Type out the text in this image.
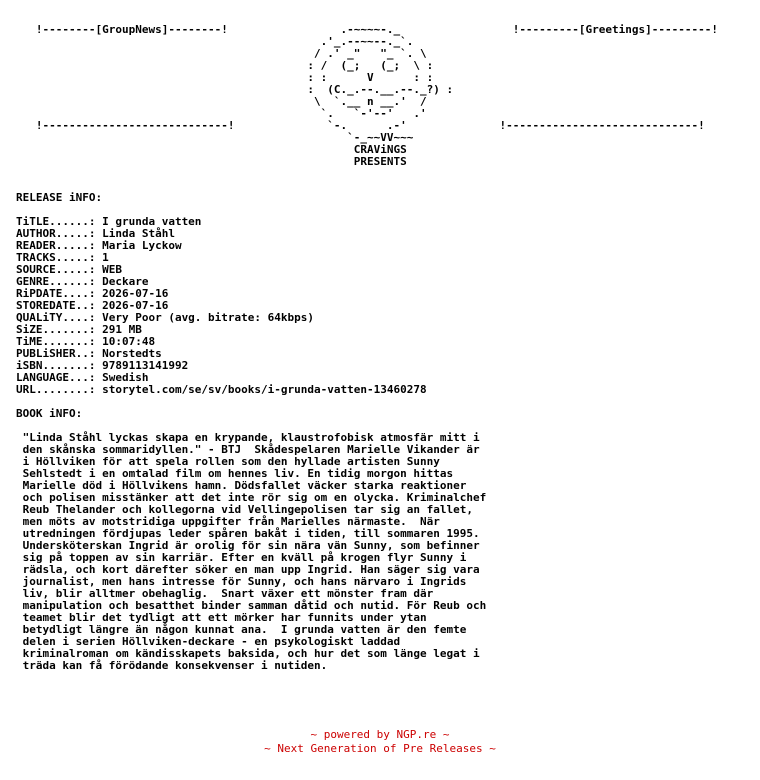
!--------[GroupNews]--------!                 .-~~~~-._                 !---------[Greetings]---------!
.'_.--~~--._`.
/ .' _"   "_ `. \
: /  (_;   (_;  \ :
: :      V      : :
:  (C._.--.__.--._?) :
\  `.__ n __.'  /
`.   `-'--'   .'
!----------------------------!              `-.      .-'              !-----------------------------!
`-_~~VV~~~
CRAViNGS
PRESENTS
RELEASE iNFO:
TiTLE......: I grunda vatten
AUTHOR.....: Linda Ståhl
READER.....: Maria Lyckow
TRACKS.....: 1
SOURCE.....: WEB
GENRE......: Deckare
RiPDATE....: 2026-07-16
STOREDATE..: 2026-07-16
QUALiTY....: Very Poor (avg. bitrate: 64kbps)
SiZE.......: 291 MB
TiME.......: 10:07:48
PUBLiSHER..: Norstedts
iSBN.......: 9789113141992
LANGUAGE...: Swedish
URL........: storytel.com/se/sv/books/i-grunda-vatten-13460278
BOOK iNFO:
"Linda Ståhl lyckas skapa en krypande, klaustrofobisk atmosfär mitt i
den skånska sommaridyllen." - BTJ  Skådespelaren Marielle Vikander är
i Höllviken för att spela rollen som den hyllade artisten Sunny
Sehlstedt i en omtalad film om hennes liv. En tidig morgon hittas
Marielle död i Höllvikens hamn. Dödsfallet väcker starka reaktioner
och polisen misstänker att det inte rör sig om en olycka. Kriminalchef
Reub Thelander och kollegorna vid Vellingepolisen tar sig an fallet,
men möts av motstridiga uppgifter från Marielles närmaste.  När
utredningen fördjupas leder spåren bakåt i tiden, till sommaren 1995.
Undersköterskan Ingrid är orolig för sin nära vän Sunny, som befinner
sig på toppen av sin karriär. Efter en kväll på krogen flyr Sunny i
rädsla, och kort därefter söker en man upp Ingrid. Han säger sig vara
journalist, men hans intresse för Sunny, och hans närvaro i Ingrids
liv, blir alltmer obehaglig.  Snart växer ett mönster fram där
manipulation och besatthet binder samman dåtid och nutid. För Reub och
teamet blir det tydligt att ett mörker har funnits under ytan
betydligt längre än någon kunnat ana.  I grunda vatten är den femte
delen i serien Höllviken-deckare - en psykologiskt laddad
kriminalroman om kändisskapets baksida, och hur det som länge legat i
träda kan få förödande konsekvenser i nutiden.
~ powered by NGP.re ~
~ Next Generation of Pre Releases ~
